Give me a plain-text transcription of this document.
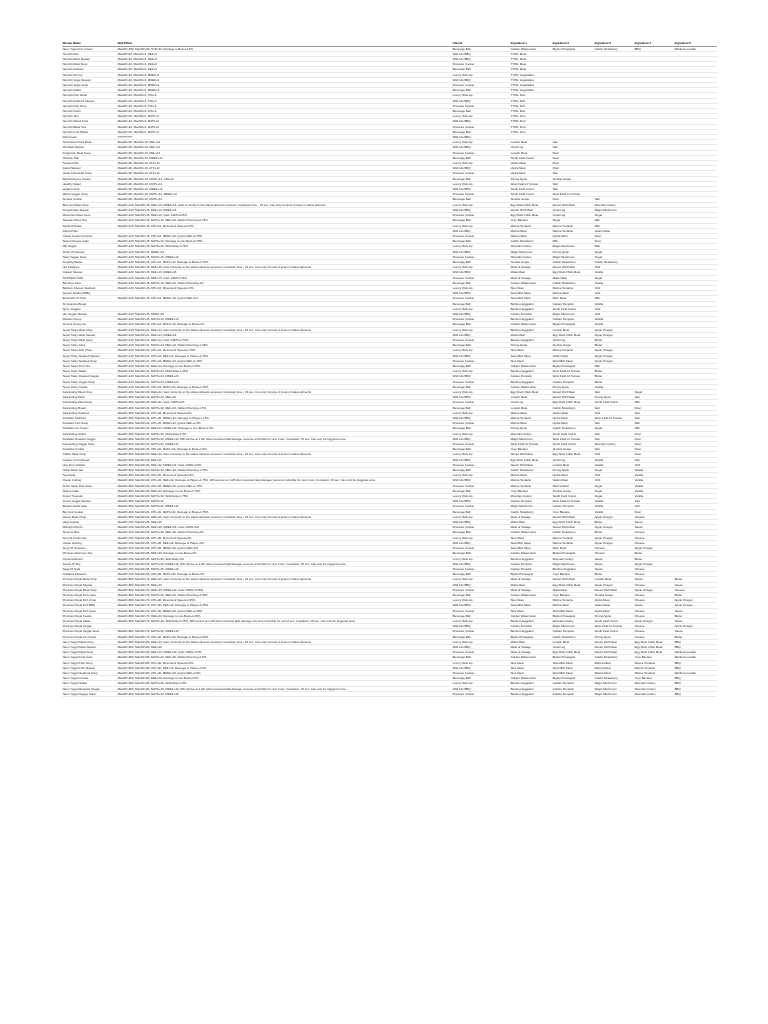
Recipe Name	Buff Effect	Utensil	Ingredient 1	Ingredient 2	Ingredient 3	Ingredient 4	Ingredient 5
Neon Yogurt Ice Cream	MaxHP+650, MaxSP+60, STR+30, Damage to Boss+2.5%	Beverage Ball	Golden Watermelon	Bigfoot Pineapple	Goblin Strawberry	BBQ	Rainbow powder
Nourish Rite	MaxHP+40, MaxSP+6, DEF+6	Wild Life BBQ	TYPE: Meat				
Nourish Meat Skewer	MaxHP+40, MaxSP+6, DEF+6	Wild Life BBQ	TYPE: Meat				
Nourish Meat Soup	MaxHP+40, MaxSP+6, DEF+6	Pressure Cooker	TYPE: Meat				
Nourish Sashimi	MaxHP+40, MaxSP+6, DEF+6	Beverage Ball	TYPE: Meat				
Nourish Stir Fry	MaxHP+40, MaxSP+6, MDEF+6	Luxury Wok-top	TYPE: Vegetables				
Nourish Vegie Skewer	MaxHP+40, MaxSP+6, MDEF+6	Wild Life BBQ	TYPE: Vegetables				
Nourish Vegie Soup	MaxHP+40, MaxSP+6, MDEF+6	Pressure Cooker	TYPE: Vegetables				
Nourish Salad	MaxHP+40, MaxSP+6, MDEF+6	Beverage Ball	TYPE: Vegetables				
Nourish Fish Steak	MaxHP+40, MaxSP+6, ATK+6	Luxury Wok-top	TYPE: Fish				
Nourish Seafood Skewer	MaxHP+40, MaxSP+6, ATK+6	Wild Life BBQ	TYPE: Fish				
Nourish Fish Soup	MaxHP+40, MaxSP+6, ATK+6	Pressure Cooker	TYPE: Fish				
Nourish Sushi	MaxHP+40, MaxSP+6, ATK+6	Beverage Ball	TYPE: Fish				
Nourish Jam	MaxHP+40, MaxSP+6, MATK+6	Luxury Wok-top	TYPE: Fruit				
Nourish Sliced Fruit	MaxHP+40, MaxSP+6, MATK+6	Wild Life BBQ	TYPE: Fruit				
Nourish Black Tea	MaxHP+40, MaxSP+6, MATK+6	Pressure Cooker	TYPE: Fruit				
Nourish Fruit Platter	MaxHP+40, MaxSP+6, MATK+6	Beverage Ball	TYPE: Fruit				
Dark Feast	?????????	Wild Life BBQ					
Adventurer Fried Meat	MaxHP+90, MaxSP+10, DEF+12	Luxury Wok-top	Lunatic Meat	Salt			
Mu Meat Skewer	MaxHP+90, MaxSP+10, DEF+12	Wild Life BBQ	Vocal Leg	Salt			
Fragrance Meat Soup	MaxHP+90, MaxSP+10, DEF+12	Pressure Cooker	Lunatic Meat	Flour			
Chicken Roll	MaxHP+90, MaxSP+10, MDEF+12	Beverage Ball	South Field Carrot	Flour			
Seafood Mix	MaxHP+90, MaxSP+10, ATK+12	Luxury Wok-top	Vadon Meat	Flour			
Island Skewer	MaxHP+90, MaxSP+10, ATK+12	Wild Life BBQ	Hydra Meat	Flour			
Clean Fish Head Soup	MaxHP+90, MaxSP+10, ATK+12	Pressure Cooker	Hydra Meat	Salt			
Refreshing Ice Cream	MaxHP+90, MaxSP+10, MATK+12, CRI+12	Beverage Ball	Poring Apple	Smokie Grape			
Healthy Salad	MaxHP+90, MaxSP+10, MATK+12	Luxury Wok-top	West Field Lil Tomato	Salt			
Vegan's Fruit	MaxHP+90, MaxSP+10, MDEF+12	Wild Life BBQ	South Field Carrot	Salt			
Mama Veggie Soup	MaxHP+90, MaxSP+10, MATK+12, MDEF+12	Pressure Cooker	South Field Carrot	West Field Lil Tomato			
Smokie Cookie	MaxHP+90, MaxSP+10, MATK+12	Beverage Ball	Smokie Grape	Flour	Salt		
Blue Gel Meat Chop	MaxHP+120, MaxSP+15, DEF+16, MDEF+16, Gain immunity to the status ailments received. Cooldown time - 15 sec. Can only immune 3 times of status ailments	Luxury Wok-top	Egg Shell Chick Meat	Desert Wolf Meat	Mountain Celery		
Pumpkinhee Skewer	MaxHP+120, MaxSP+15, DEF+16, MDEF+16	Wild Life BBQ	Desert Wolf Meat	Vocal Leg	Magic Mushroom		
Mixed Hot Meat Soup	MaxHP+120, MaxSP+15, DEF+16, Cast: ASPD+0.5%	Pressure Cooker	Egg Shell Chick Meat	Vocal Leg	Sugar		
Sweetie Mixed Tea	MaxHP+120, MaxSP+15, MATK+16, DEF+16, Reflect Piercing+0.75%	Beverage Ball	Yoyo Banana	Sugar	Milk		
Seafood Pasta	MaxHP+120, MaxSP+15, ATK+16, Movement Speed+1.5%	Luxury Wok-top	Marina Tentacle	Marine Tentacle	Milk		
Island Pride		Wild Life BBQ	Marina Meat	Marine Tentacle	Vadon Meat		
Ocean Cream Currents	MaxHP+120, MaxSP+15, ATK+16, MDEF+16, Ignore DEF+0.75%	Pressure Cooker	Marina Meat	Hydra Meat	Flour		
Sweet Cheese Cake	MaxHP+120, MaxSP+15, MATK+16, Damage to non-Boss+0.75%	Beverage Ball	Goblin Strawberry	Milk	Flour		
Mill Veggie	MaxHP+120, MaxSP+15, MATK+16, Skill Delay-0.75%	Luxury Wok-top	Mountain Celery	Magic Mushroom	Milk		
Smile Of Harvest	MaxHP+120, MaxSP+15, MDEF+16	Wild Life BBQ	Magic Mushroom	Poring Apple	Sugar		
Tasty Veggie Soup	MaxHP+120, MaxSP+15, MATK+16, MDEF+16	Pressure Cooker	Mountain Celery	Magic Mushroom	Sugar		
Angeling Butter	MaxHP+120, MaxSP+15, ATK+16, MATK+16, Damage to Boss+0.75%	Beverage Ball	Smokie Grape	Goblin Strawberry	Goblin Strawberry		
Hot Pedigree	MaxHP+120, MaxSP+15, DEF+16, Gain immunity to the status ailments received. Cooldown time - 15 sec. Can only immune 3 times of status ailments	Luxury Wok-top	Meat of Savage	Desert Wolf Meat	Chili		
Gratein Skewer	MaxHP+120, MaxSP+15, DEF+16, MDEF+16	Wild Life BBQ	Muka Meat	Egg Shell Chick Meat	Vanilla		
SATISFACTION	MaxHP+120, MaxSP+15, DEF+16, Cast: ASPD+1.5%	Pressure Cooker	Meat of Savage	Muka Meat	Sugar		
Bat Fruit Juice	MaxHP+120, MaxSP+15, MATK+16, DEF+16, Reflect Piercing+1%	Beverage Ball	Golden Watermelon	Goblin Strawberry	Vanilla		
Bashem Flavour Seafood	MaxHP+120, MaxSP+15, ATK+16, Movement Speed+1.5%	Luxury Wok-top	Sloe Meat	Marine Tentacle	Chili		
Superb Seafood BBQ		Wild Life BBQ	Swordfish Meat	Marina Meat	Chili		
Ensemble Of Soul	MaxHP+120, MaxSP+15, ATK+16, MDEF+16, Ignore DEF+1%	Pressure Cooker	Swordfish Meat	Marc Meat	Milk		
St Ceamina Bread		Beverage Ball	Bamboo Eggplant	Golden Pumpkin	Vanilla		
Spicy Veggies		Luxury Wok-top	Bamboo Eggplant	South Field Carrot	Chili		
Hot Veggie Skewer	MaxHP+120, MaxSP+15, MDEF+16	Wild Life BBQ	Golden Pumpkin	Magic Mushroom	Chili		
Passion Dump	MaxHP+120, MaxSP+15, MATK+16, MDEF+16	Pressure Cooker	Bamboo Eggplant	Golden Pumpkin	Vanilla		
Ancient Honey Ice	MaxHP+120, MaxSP+15, ATK+16, MATK+16, Damage to Boss+1%	Beverage Ball	Golden Watermelon	Bigfoot Pineapple	Vanilla		
Super Tasty Meat Chop	MaxHP+210, MaxSP+21, DEF+24, Gain immunity to the status ailments received. Cooldown time - 15 sec. Can only immune 3 times of status ailments	Luxury Wok-top	Bamboo Eggplant	Lunatic Meat	Apple Vinegar		
Super Tasty Meat Skewer	MaxHP+210, MaxSP+21, DEF+24, MDEF+24	Wild Life BBQ	Muka Meat	Egg Shell Chick Meat	Apple Vinegar		
Super Tasty Meat Soup	MaxHP+210, MaxSP+21, DEF+24, Cast: ASPD+1.75%	Pressure Cooker	Bamboo Eggplant	Vocal Leg	Butter		
Super Tasty Juice	MaxHP+210, MaxSP+21, MATK+24, DEF+24, Reflect Piercing+1.25%	Beverage Ball	Poring Apple	Smokie Grape	Butter		
Super Tasty Fish Chop	MaxHP+210, MaxSP+21, ATK+24, Movement Speed+1.75%	Luxury Wok-top	Sloe Meat	Marine Tentacle	Apple Vinegar		
Super Tasty Seafood Skewer	MaxHP+210, MaxSP+21, ATK+24, DEF+24, Damage to Player+1.25%	Wild Life BBQ	Swordfish Meat	Vadon Meat	Apple Vinegar		
Super Tasty Seafood Soup	MaxHP+210, MaxSP+21, ATK+24, MDEF+24, Ignore DEF+1.25%	Pressure Cooker	Sloe Meat	Swordfish Meat	Apple Vinegar		
Super Tasty Fruit Tea	MaxHP+210, MaxSP+21, DEF+24, Damage to non-Boss+1.25%	Beverage Ball	Golden Watermelon	Bigfoot Pineapple	Milk		
Super Tasty Salad	MaxHP+210, MaxSP+21, MATK+24, Skill Delay-1.25%	Luxury Wok-top	Bamboo Eggplant	West Field Lil Tomato	Butter		
Super Tasty Roasted Veggie	MaxHP+210, MaxSP+21, MATK+24, MDEF+24	Wild Life BBQ	Golden Pumpkin	West Field Lil Tomato	Butter		
Super Tasty Veggie Soup	MaxHP+210, MaxSP+21, MATK+24, MDEF+24	Pressure Cooker	Bamboo Eggplant	Golden Pumpkin	Butter		
Super Tasty Cookie	MaxHP+210, MaxSP+21, ATK+24, MATK+24, Damage to Boss+1.25%	Beverage Ball	Golden Watermelon	Poring Apple	Vanilla		
Fascinating Meat Chop	MaxHP+300, MaxSP+30, DEF+32, Gain immunity to the status ailments received. Cooldown time - 15 sec. Can only immune 3 times of status ailments	Luxury Wok-top	Egg Shell Chick Meat	Desert Wolf Meat	Salt	Sugar	
Fascinating Meat	MaxHP+300, MaxSP+30, MATK+32, DEF+32	Wild Life BBQ	Lunatic Meat	Desert Wolf Meat	Poring Apple	Salt	
Fascinating Meat Soup	MaxHP+300, MaxSP+30, DEF+32, Cast: ASPD+2%	Pressure Cooker	Vocal Leg	Egg Shell Chick Meat	South Field Carrot	Milk	
Fascinating Bread	MaxHP+300, MaxSP+30, MATK+32, DEF+32, Reflect Piercing+1.5%	Beverage Ball	Lunatic Meat	Goblin Strawberry	Salt	Flour	
Fascinating Seafood	MaxHP+300, MaxSP+30, ATK+32, Movement Speed+2%	Luxury Wok-top	Marine Meat	Vadon Meat	Chili	Salt	
Fantastic Seafood	MaxHP+300, MaxSP+30, ATK+32, MDEF+32, Damage to Player+1.5%	Wild Life BBQ	Marine Tentacle	Hydra Meat	West Field Lil Tomato	Salt	
Fantastic Fish Soup	MaxHP+300, MaxSP+30, ATK+32, MDEF+32, Ignore DEF+1.5%	Pressure Cooker	Marina Meat	Hydra Meat	Salt	Milk	
Fantastic Ice Cream	MaxHP+300, MaxSP+30, DEF+32, MDEF+32, Damage to non-Boss+1.5%	Beverage Ball	Poring Apple	Goblin Strawberry	Sugar	Milk	
Fascinating Salad	MaxHP+300, MaxSP+30, MATK+32, Skill Delay-1.5%	Luxury Wok-top	Mountain Celery	South Field Carrot	Salt	Flour	
Fantastic Roasted Veggie	MaxHP+300, MaxSP+30, MATK+32, MDEF+32, Will survive at 1 HP when received fatal damage, become invincible for next 2 sec. Cooldown: 15 sec. Can only be triggered once	Wild Life BBQ	Magic Mushroom	West Field Lil Tomato	Salt	Flour	
Fascinating Veggie Soup	MaxHP+300, MaxSP+30, MATK+32, MDEF+32	Pressure Cooker	West Field Lil Tomato	South Field Carrot	Mountain Celery	Flour	
Fantastic Cookie	MaxHP+300, MaxSP+30, ATK+32, MATK+32, Damage to Boss+1.5%	Beverage Ball	Yoyo Banana	Smokie Grape	Salt	Flour	
Griffon Meat Chop	MaxHP+600, MaxSP+60, DEF+32, Gain immunity to the status ailments received. Cooldown time - 15 sec. Can only immune 3 times of status ailments	Luxury Wok-top	Desert Wolf Meat	Egg Shell Chick Meat	Chili	Flour	
Golden Crust Skewer	MaxHP+600, MaxSP+60, DEF+32	Wild Life BBQ	Egg Shell Chick Meat	Vocal Leg	Vanilla	Salt	
Hug From Mother	MaxHP+600, MaxSP+60, DEF+32, MDEF+32, Cast: ASPD+2.5%	Pressure Cooker	Desert Wolf Meat	Lunatic Meat	Vanilla	Chili	
Noble Mock Tea	MaxHP+600, MaxSP+60, MATK+32, DEF+32, Reflect Piercing+1.75%	Beverage Ball	Goblin Strawberry	Poring Apple	Sugar	Vanilla	
Sea Delta	MaxHP+600, MaxSP+60, ATK+32, Movement Speed+2.5%	Luxury Wok-top	Marina Meat	Hydra Meat	Chili	Vanilla	
Ocean Cutting	MaxHP+600, MaxSP+60, ATK+32, DEF+32, Damage to Player+1.75%, Will survive at 1 HP when received fatal damage, become invincible for next 2 sec. Cooldown: 15 sec. Can only be triggered once	Wild Life BBQ	Marine Tentacle	Vadon Meat	Chili	Vanilla	
At De Navio Fish Soup	MaxHP+600, MaxSP+60, ATK+32, MDEF+32, Ignore DEF+1.75%	Pressure Cooker	Marine Tentacle	Marina Meat	Sugar	Vanilla	
Allama Cake	MaxHP+600, MaxSP+60, DEF+32, Damage to non-Boss+1.75%	Beverage Ball	Yoyo Banana	Smokie Grape	Sugar	Vanilla	
Forest Treasure	MaxHP+600, MaxSP+60, MATK+32, Skill Delay-1.75%	Luxury Wok-top	Mountain Celery	South Field Carrot	Sugar	Vanilla	
Forest Veggie Skewer	MaxHP+600, MaxSP+60, MATK+32	Wild Life BBQ	Golden Pumpkin	West Field Lil Tomato	Vanilla	Salt	
Elegant Nutel Lake	MaxHP+600, MaxSP+60, MATK+32, MDEF+32	Pressure Cooker	Magic Mushroom	Golden Pumpkin	Vanilla	Salt	
Big Foot Cookie	MaxHP+600, MaxSP+60, ATK+32, MATK+32, Damage to Boss+1.75%	Beverage Ball	Goblin Strawberry	Yoyo Banana	Vanilla	Flour	
Desert Meat Chop	MaxHP+600, MaxSP+60, DEF+36, Gain immunity to the status ailments received. Cooldown time - 15 sec. Can only immune 3 times of status ailments	Luxury Wok-top	Meat of Savage	Desert Wolf Meat	Apple Vinegar	Cheese	
Huge Feeder	MaxHP+700, MaxSP+65, DEF+36	Wild Life BBQ	Muka Meat	Egg Shell Chick Meat	Butter	Sauce	
Midnight Month	MaxHP+700, MaxSP+65, DEF+36, MDEF+36, Cast: ASPD+3%	Pressure Cooker	Meat of Savage	Desert Wolf Meat	Apple Vinegar	Sauce	
Summer Bee	MaxHP+700, MaxSP+65, MATK+36, DEF+36, Reflect Piercing+2%	Beverage Ball	Golden Watermelon	Goblin Strawberry	Butter	Cheese	
Soul Of Fisherman	MaxHP+700, MaxSP+65, ATK+36, Movement Speed+3%	Luxury Wok-top	Sloe Meat	Marine Tentacle	Apple Vinegar	Cheese	
Ocean Hunting	MaxHP+700, MaxSP+65, ATK+36, DEF+36, Damage to Player+2%	Wild Life BBQ	Swordfish Meat	Marine Tentacle	Apple Vinegar	Cheese	
Song Of Oceanus	MaxHP+700, MaxSP+65, ATK+36, MDEF+36, Ignore DEF+2%	Pressure Cooker	Swordfish Meat	Marc Meat	Cheese	Apple Vinegar	
Princess Afternoon Tea	MaxHP+700, MaxSP+65, DEF+36, Damage to non-Boss+2%	Beverage Ball	Golden Watermelon	Bigfoot Pineapple	Cheese	Butter	
Conservationist	MaxHP+700, MaxSP+65, MATK+36, Skill Delay-2%	Luxury Wok-top	Bamboo Eggplant	Mountain Celery	Sauce	Butter	
Sound Of Sky	MaxHP+700, MaxSP+65, MATK+36, MDEF+36, Will survive at 1 HP when received fatal damage, become invincible for next 2 sec. Cooldown: 15 sec. Can only be triggered once	Wild Life BBQ	Golden Pumpkin	Magic Mushroom	Sauce	Apple Vinegar	
Saga Of Gaia	MaxHP+700, MaxSP+65, MATK+36, MDEF+36	Pressure Cooker	Golden Pumpkin	Bamboo Eggplant	Sauce	Cheese	
Goddess Pleasure	MaxHP+700, MaxSP+65, ATK+36, MATK+36, Damage to Boss+2%	Beverage Ball	Bigfoot Pineapple	Yoyo Banana	Butter	Cheese	
Provines Royal Meat Chop	MaxHP+800, MaxSP+70, DEF+40, Gain immunity to the status ailments received. Cooldown time - 15 sec. Can only immune 3 times of status ailments	Luxury Wok-top	Meat of Savage	Desert Wolf Meat	Lunatic Meat	Sauce	Butter
Provines Royal Skewer	MaxHP+800, MaxSP+70, DEF+40	Wild Life BBQ	Muka Meat	Egg Shell Chick Meat	Apple Vinegar	Cheese	Sauce
Provines Royal Meat Soup	MaxHP+800, MaxSP+70, DEF+40, MDEF+40, Cast: ASPD+3.25%	Pressure Cooker	Meat of Savage	Muka Meat	Desert Wolf Meat	Apple Vinegar	Cheese
Provines Royal Fruit Juice	MaxHP+800, MaxSP+70, MATK+40, DEF+40, Reflect Piercing+2.25%	Beverage Ball	Golden Watermelon	Yoyo Banana	Smokie Grape	Cheese	Butter
Provines Royal Fish Chop	MaxHP+800, MaxSP+70, ATK+40, Movement Speed+3.25%	Luxury Wok-top	Sloe Meat	Marine Tentacle	Hydra Meat	Cheese	Apple Vinegar
Provines Royal Fish BBQ	MaxHP+800, MaxSP+70, ATK+40, DEF+40, Damage to Player+2.25%	Wild Life BBQ	Swordfish Meat	Marina Meat	Vadon Meat	Sauce	Apple Vinegar
Provines Royal Fish Soup	MaxHP+800, MaxSP+70, ATK+40, MDEF+40, Ignore DEF+2.25%	Pressure Cooker	Sloe Meat	Swordfish Meat	Hydra Meat	Cheese	Sauce
Provines Royal Cookie	MaxHP+800, MaxSP+70, DEF+40, Damage to non-Boss+2.25%	Beverage Ball	Golden Watermelon	Bigfoot Pineapple	Poring Apple	Cheese	Butter
Provines Royal Salad	MaxHP+800, MaxSP+70, MATK+40, Skill Delay-2.25%, Will survive at 1 HP when received fatal damage, become invincible for next 2 sec. Cooldown: 15 sec. Can only be triggered once	Luxury Wok-top	Bamboo Eggplant	Mountain Celery	South Field Carrot	Apple Vinegar	Sauce
Provines Royal Veggie		Wild Life BBQ	Golden Pumpkin	Magic Mushroom	West Field Lil Tomato	Cheese	Apple Vinegar
Provines Royal Veggie Soup	MaxHP+800, MaxSP+70, MATK+40, MDEF+40	Pressure Cooker	Bamboo Eggplant	Golden Pumpkin	South Field Carrot	Cheese	Sauce
Provines Royal Ice Cream	MaxHP+800, MaxSP+70, ATK+40, MATK+40, Damage to Boss+2.25%	Beverage Ball	Bigfoot Pineapple	Goblin Strawberry	Poring Apple	Cheese	Butter
Neon Yoggrt Meat Chop	MaxHP+900, MaxSP+80, DEF+40, Gain immunity to the status ailments received. Cooldown time - 15 sec. Can only immune 3 times of status ailments	Luxury Wok-top	Muka Meat	Lunatic Meat	Desert Wolf Meat	Egg Shell Chick Meat	BBQ
Neon Yoggrt Meat Skewer	MaxHP+900, MaxSP+80, DEF+40	Wild Life BBQ	Meat of Savage	Vocal Leg	Desert Wolf Meat	Egg Shell Chick Meat	BBQ
Neon Yoggrt Meat Soup	MaxHP+900, MaxSP+80, DEF+40, MDEF+40, Cast: ASPD+3.5%	Pressure Cooker	Meat of Savage	Egg Shell Chick Meat	Desert Wolf Meat	Egg Shell Chick Meat	Rainbow powder
Neon Yoggrt Fruit Juice	MaxHP+900, MaxSP+80, MATK+40, DEF+40, Reflect Piercing+2.5%	Beverage Ball	Golden Watermelon	Bigfoot Pineapple	Goblin Strawberry	Yoyo Banana	Rainbow powder
Neon Yoggrt Fish Chop	MaxHP+900, MaxSP+80, ATK+40, Movement Speed+3.5%	Luxury Wok-top	Sloe Meat	Swordfish Meat	Marina Meat	Marine Tentacle	BBQ
Neon Yoggrt Fish Skewer	MaxHP+900, MaxSP+80, ATK+40, DEF+40, Damage to Player+2.5%	Wild Life BBQ	Sloe Meat	Swordfish Meat	Marina Meat	Marine Tentacle	BBQ
Neon Yoggrt Seafood Soup	MaxHP+900, MaxSP+80, ATK+40, MDEF+40, Ignore DEF+2.5%	Pressure Cooker	Sloe Meat	Swordfish Meat	Marina Meat	Marine Tentacle	Rainbow powder
Neon Yoggrt Cookie	MaxHP+900, MaxSP+80, DEF+40, Damage to non-Boss+2.5%	Beverage Ball	Golden Watermelon	Bigfoot Pineapple	Goblin Strawberry	Yoyo Banana	BBQ
Neon Yoggrt Salad	MaxHP+900, MaxSP+80, MATK+40, Skill Delay-2.5%	Luxury Wok-top	Bamboo Eggplant	Golden Pumpkin	Magic Mushroom	Mountain Celery	BBQ
Neon Yoggrt Roasted Veggie	MaxHP+900, MaxSP+80, MATK+40, MDEF+40, Will survive at 1 HP when received fatal damage, become invincible for next 2 sec. Cooldown: 15 sec. Can only be triggered once	Wild Life BBQ	Bamboo Eggplant	Golden Pumpkin	Magic Mushroom	Mountain Celery	BBQ
Neon Yoggrt Veggie Soup	MaxHP+900, MaxSP+80, MATK+40, MDEF+40	Pressure Cooker	Bamboo Eggplant	Golden Pumpkin	Magic Mushroom	Mountain Celery	BBQ
